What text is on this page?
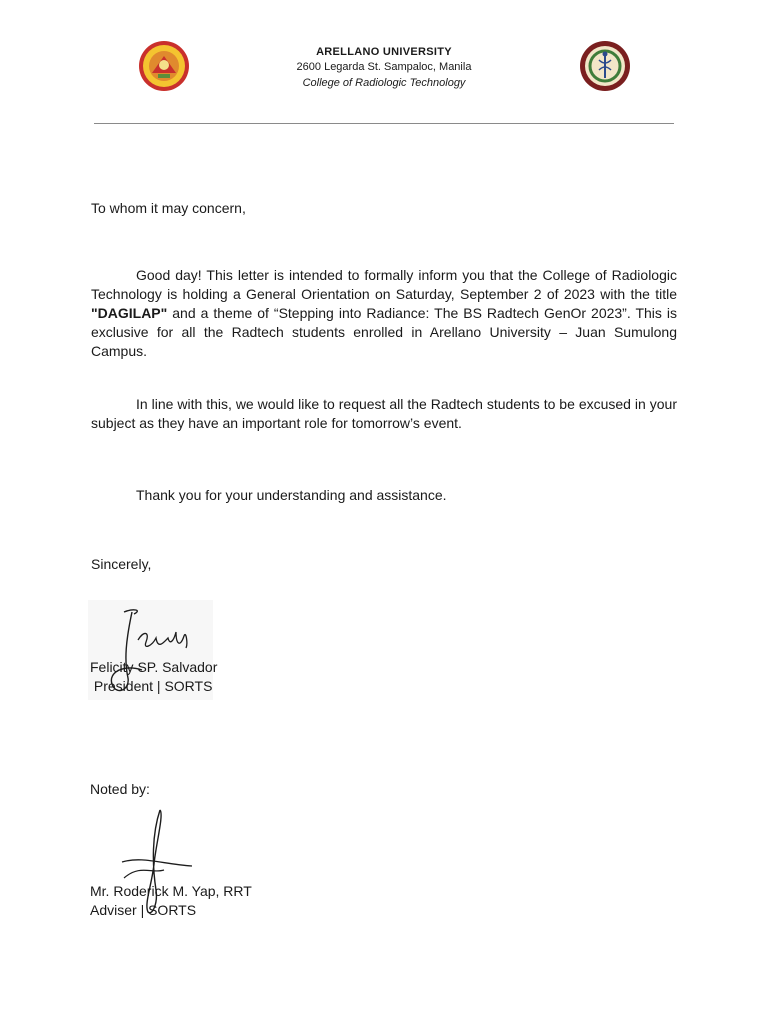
ARELLANO UNIVERSITY
2600 Legarda St. Sampaloc, Manila
College of Radiologic Technology
To whom it may concern,
Good day! This letter is intended to formally inform you that the College of Radiologic Technology is holding a General Orientation on Saturday, September 2 of 2023 with the title "DAGILAP" and a theme of “Stepping into Radiance: The BS Radtech GenOr 2023”. This is exclusive for all the Radtech students enrolled in Arellano University – Juan Sumulong Campus.
In line with this, we would like to request all the Radtech students to be excused in your subject as they have an important role for tomorrow’s event.
Thank you for your understanding and assistance.
Sincerely,
Felicity SP. Salvador
President | SORTS
Noted by:
Mr. Roderick M. Yap, RRT
Adviser | SORTS
